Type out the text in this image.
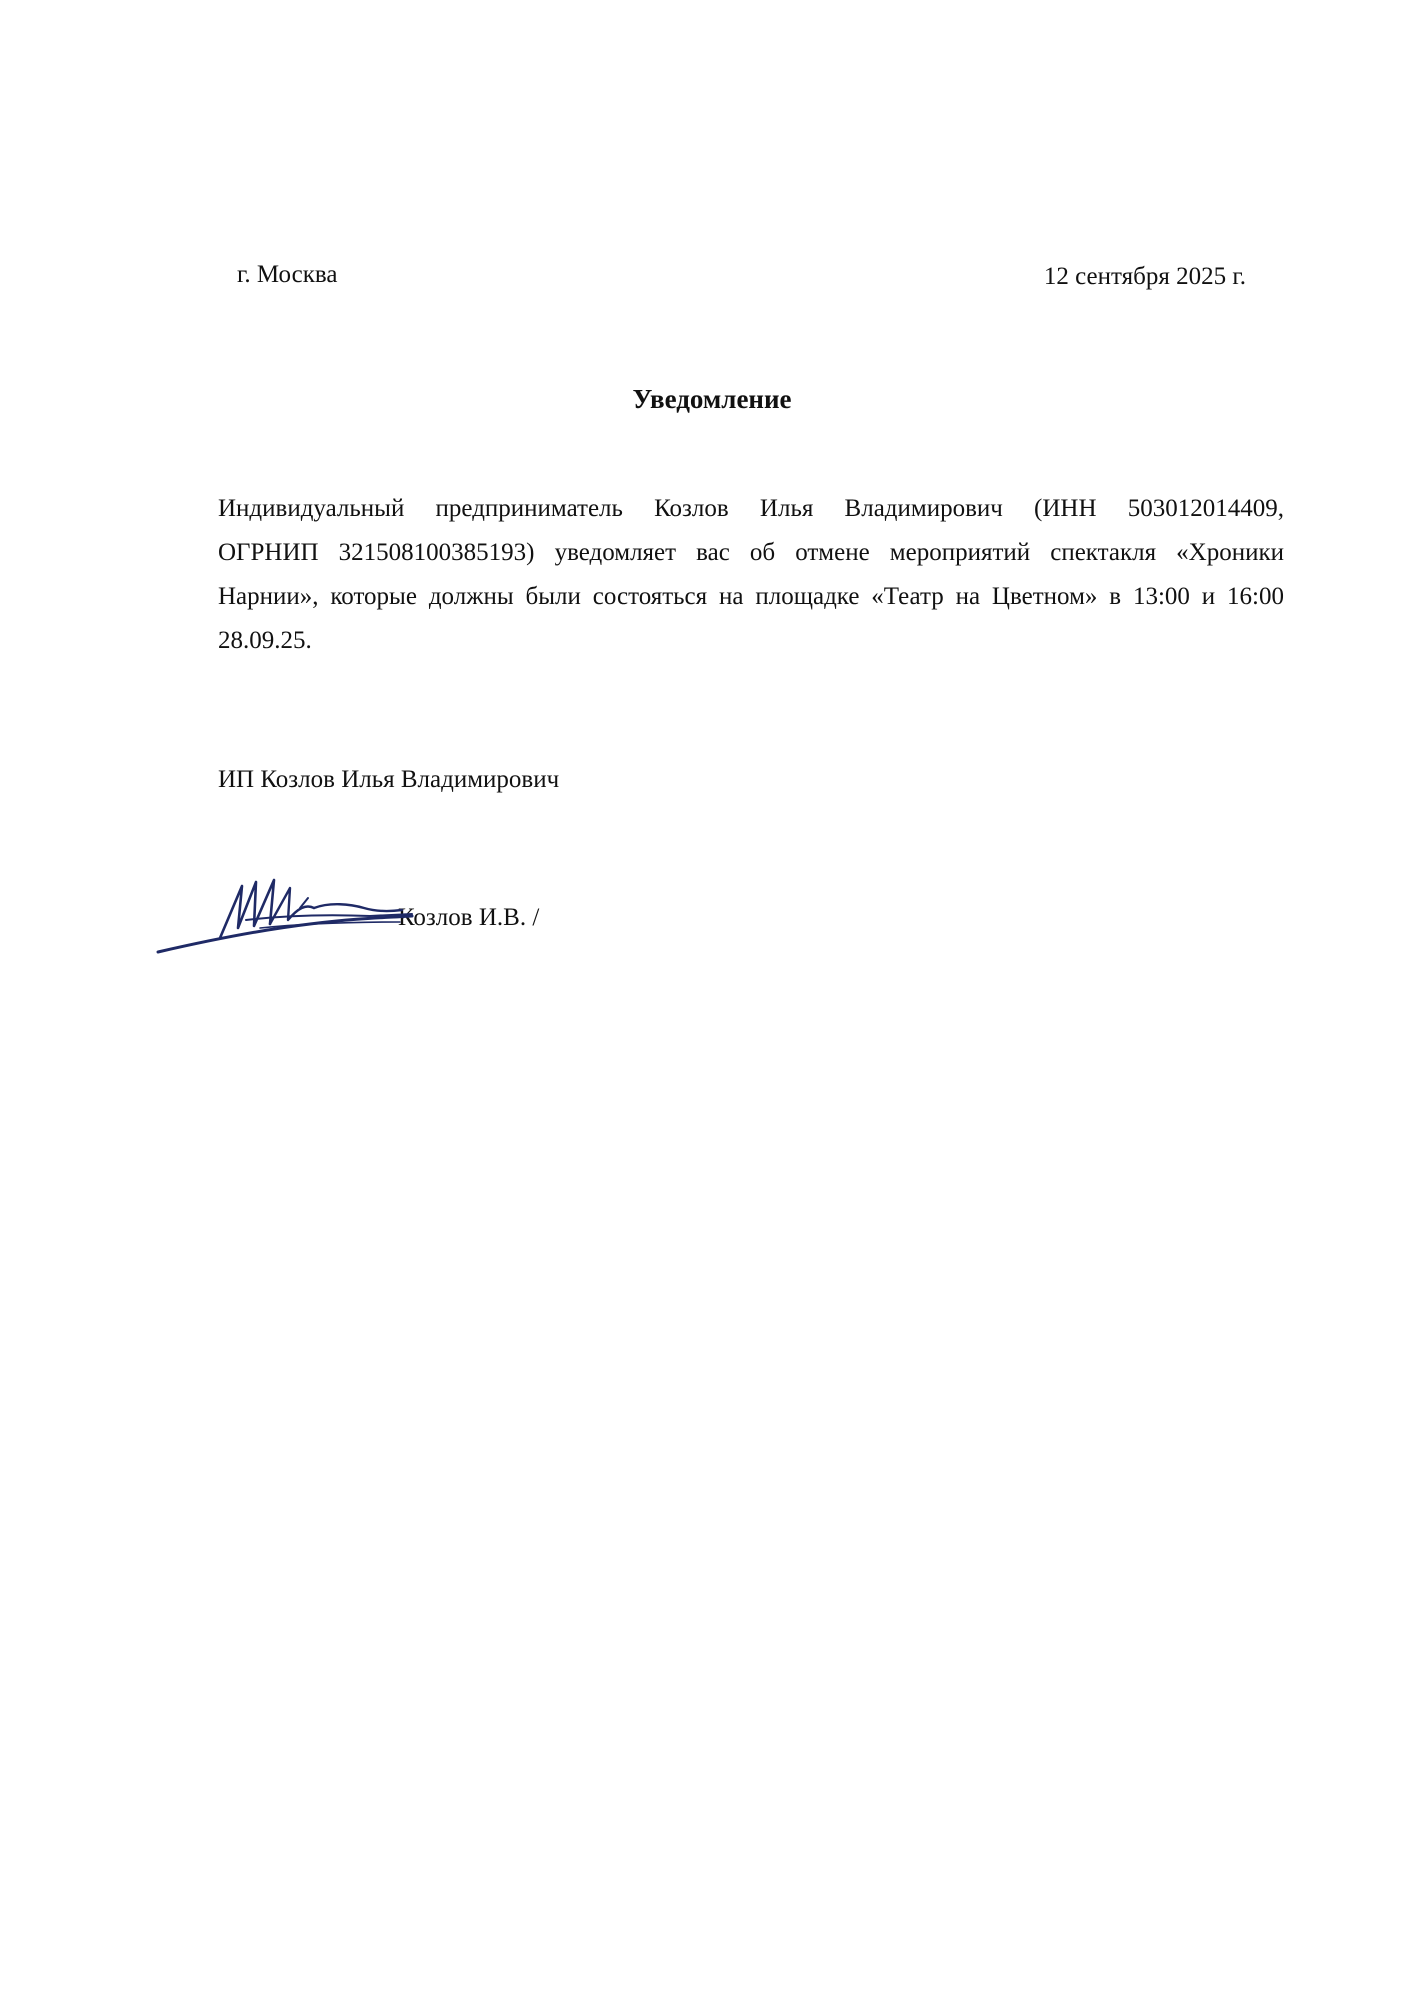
г. Москва	12 сентября 2025 г.
Уведомление
Индивидуальный предприниматель Козлов Илья Владимирович (ИНН 503012014409,
ОГРНИП 321508100385193) уведомляет вас об отмене мероприятий спектакля «Хроники
Нарнии», которые должны были состояться на площадке «Театр на Цветном» в 13:00 и 16:00
28.09.25.
ИП Козлов Илья Владимирович
Козлов И.В. /
